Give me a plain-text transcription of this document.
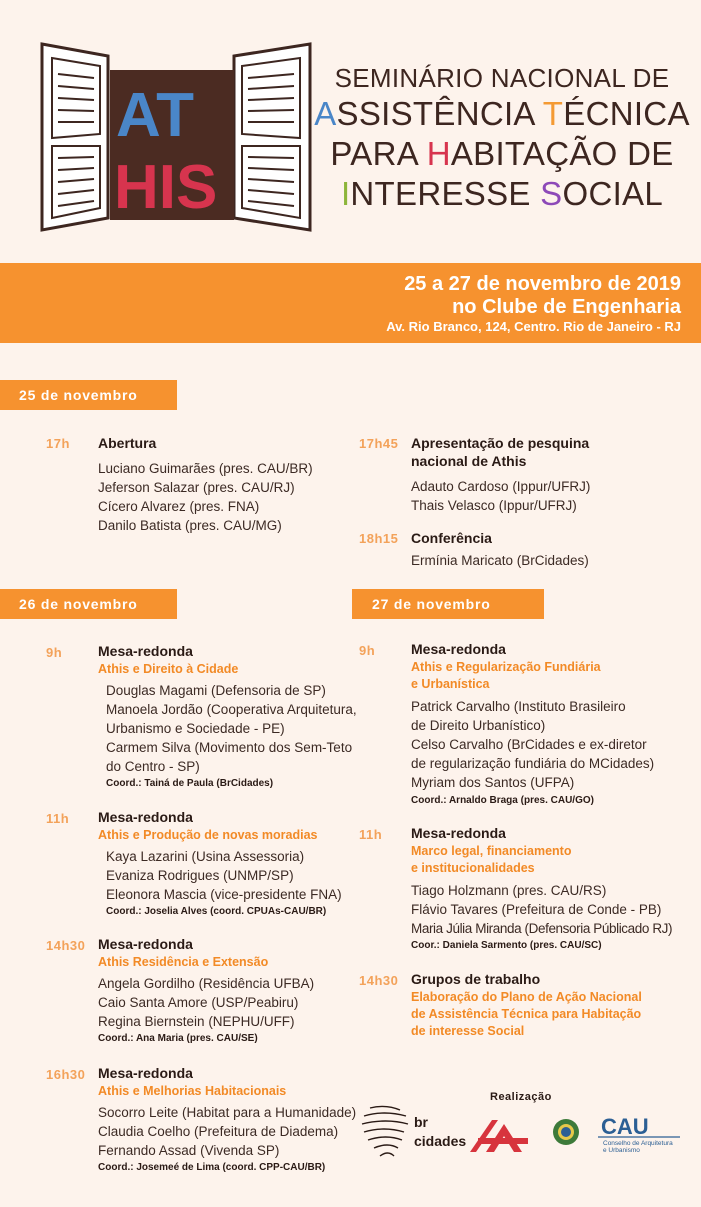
AT
HIS
SEMINÁRIO NACIONAL DE
ASSISTÊNCIA TÉCNICA
PARA HABITAÇÃO DE
INTERESSE SOCIAL
25 a 27 de novembro de 2019
no Clube de Engenharia
Av. Rio Branco, 124, Centro. Rio de Janeiro - RJ
25 de novembro
17h Abertura
Luciano Guimarães (pres. CAU/BR)
Jeferson Salazar (pres. CAU/RJ)
Cícero Alvarez (pres. FNA)
Danilo Batista (pres. CAU/MG)
17h45 Apresentação de pesquina
nacional de Athis
Adauto Cardoso (Ippur/UFRJ)
Thais Velasco (Ippur/UFRJ)
18h15 Conferência
Ermínia Maricato (BrCidades)
26 de novembro
9h	Mesa-redonda
Athis e Direito à Cidade
Douglas Magami (Defensoria de SP)
Manoela Jordão (Cooperativa Arquitetura,
Urbanismo e Sociedade - PE)
Carmem Silva (Movimento dos Sem-Teto
do Centro - SP)
Coord.: Tainá de Paula (BrCidades)
11h Mesa-redonda
Athis e Produção de novas moradias
Kaya Lazarini (Usina Assessoria)
Evaniza Rodrigues (UNMP/SP)
Eleonora Mascia (vice-presidente FNA)
Coord.: Joselia Alves (coord. CPUAs-CAU/BR)
14h30 Mesa-redonda
Athis Residência e Extensão
Angela Gordilho (Residência UFBA)
Caio Santa Amore (USP/Peabiru)
Regina Biernstein (NEPHU/UFF)
Coord.: Ana Maria (pres. CAU/SE)
16h30 Mesa-redonda
Athis e Melhorias Habitacionais
Socorro Leite (Habitat para a Humanidade)
Claudia Coelho (Prefeitura de Diadema)
Fernando Assad (Vivenda SP)
Coord.: Josemeé de Lima (coord. CPP-CAU/BR)
27 de novembro
9h	Mesa-redonda
Athis e Regularização Fundiária
e Urbanística
Patrick Carvalho (Instituto Brasileiro
de Direito Urbanístico)
Celso Carvalho (BrCidades e ex-diretor
de regularização fundiária do MCidades)
Myriam dos Santos (UFPA)
Coord.: Arnaldo Braga (pres. CAU/GO)
11h Mesa-redonda
Marco legal, financiamento
e institucionalidades
Tiago Holzmann (pres. CAU/RS)
Flávio Tavares (Prefeitura de Conde - PB)
Maria Júlia Miranda (Defensoria Públicado RJ)
Coor.: Daniela Sarmento (pres. CAU/SC)
14h30 Grupos de trabalho
Elaboração do Plano de Ação Nacional
de Assistência Técnica para Habitação
de interesse Social
Realização
br
cidades
CAU
Conselho de Arquitetura
e Urbanismo
